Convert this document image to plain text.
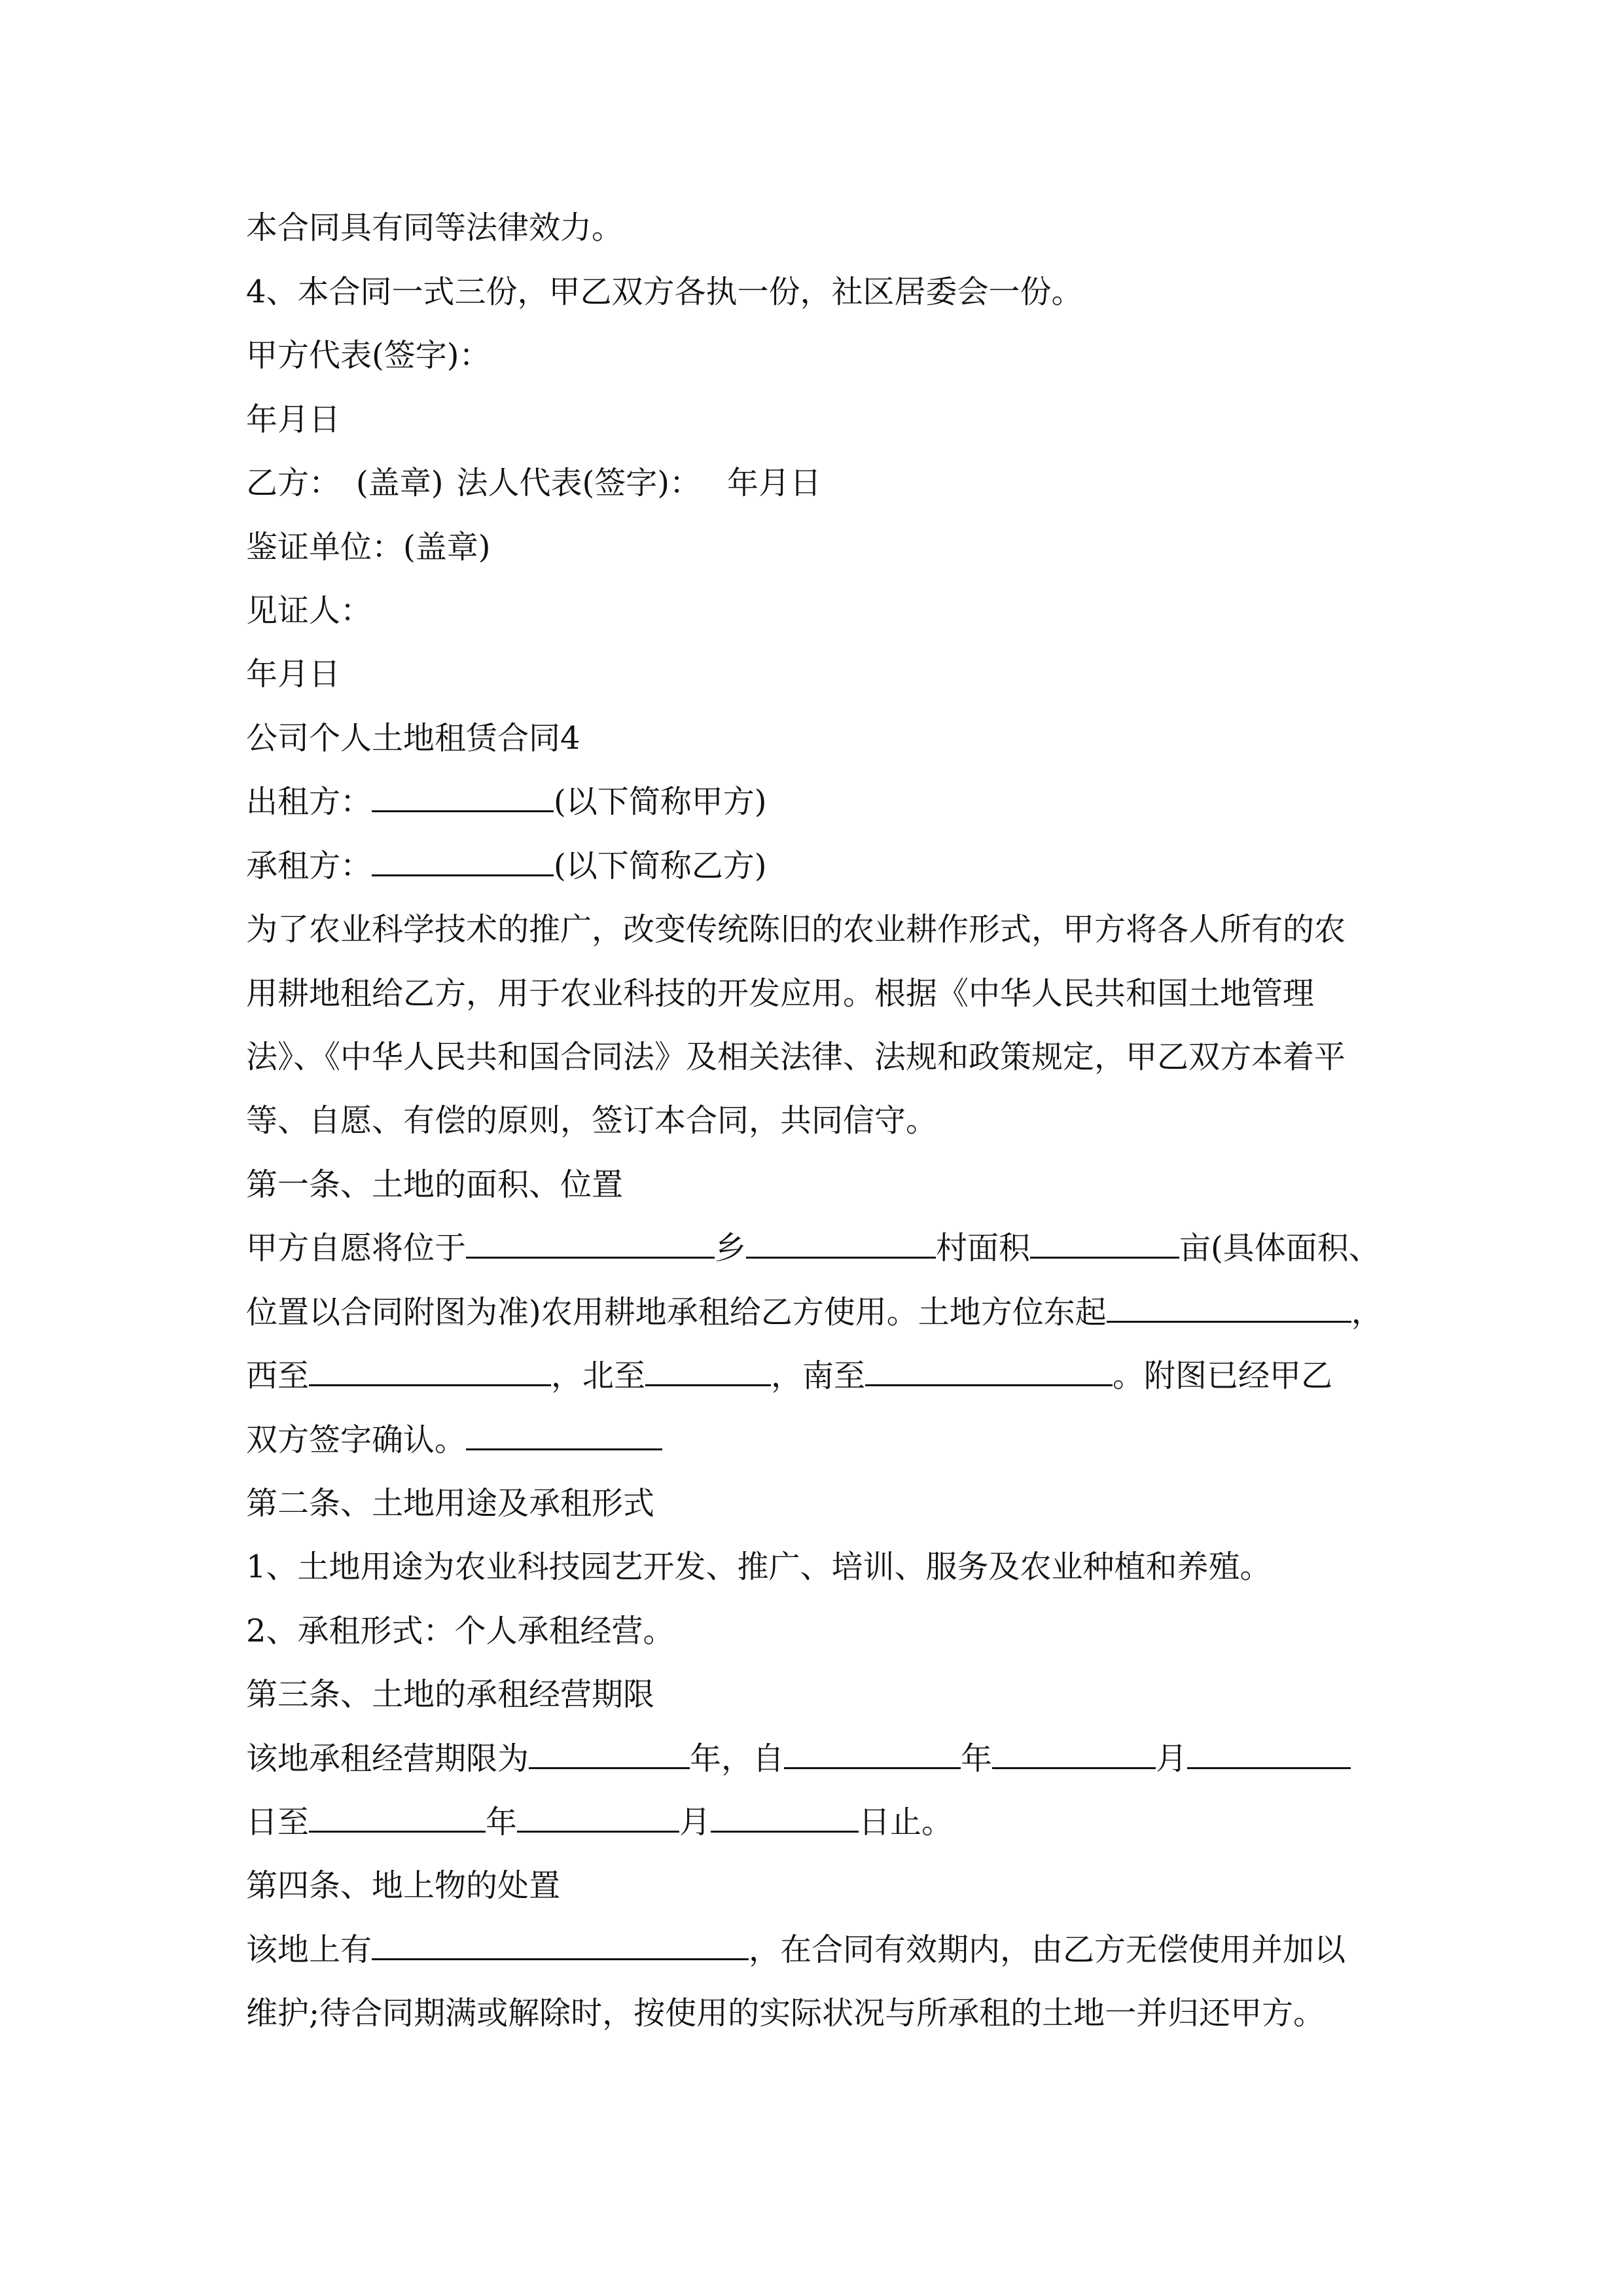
本合同具有同等法律效力。
4、本合同一式三份，甲乙双方各执一份，社区居委会一份。
甲方代表(签字)：
年月日
乙方： (盖章) 法人代表(签字)： 年月日
鉴证单位：(盖章)
见证人：
年月日
公司个人土地租赁合同4
出租方：	(以下简称甲方)
承租方：	(以下简称乙方)
为了农业科学技术的推广，改变传统陈旧的农业耕作形式，甲方将各人所有的农
用耕地租给乙方，用于农业科技的开发应用。根据《中华人民共和国土地管理
法》、《中华人民共和国合同法》及相关法律、法规和政策规定，甲乙双方本着平
等、自愿、有偿的原则，签订本合同，共同信守。
第一条、土地的面积、位置
甲方自愿将位于	乡	村面积	亩(具体面积、
位置以合同附图为准)农用耕地承租给乙方使用。土地方位东起	，
西至	，北至	，南至	。附图已经甲乙
双方签字确认。
第二条、土地用途及承租形式
1、土地用途为农业科技园艺开发、推广、培训、服务及农业种植和养殖。
2、承租形式：个人承租经营。
第三条、土地的承租经营期限
该地承租经营期限为	年，自	年	月
日至	年	月	日止。
第四条、地上物的处置
该地上有	，在合同有效期内，由乙方无偿使用并加以
维护;待合同期满或解除时，按使用的实际状况与所承租的土地一并归还甲方。
